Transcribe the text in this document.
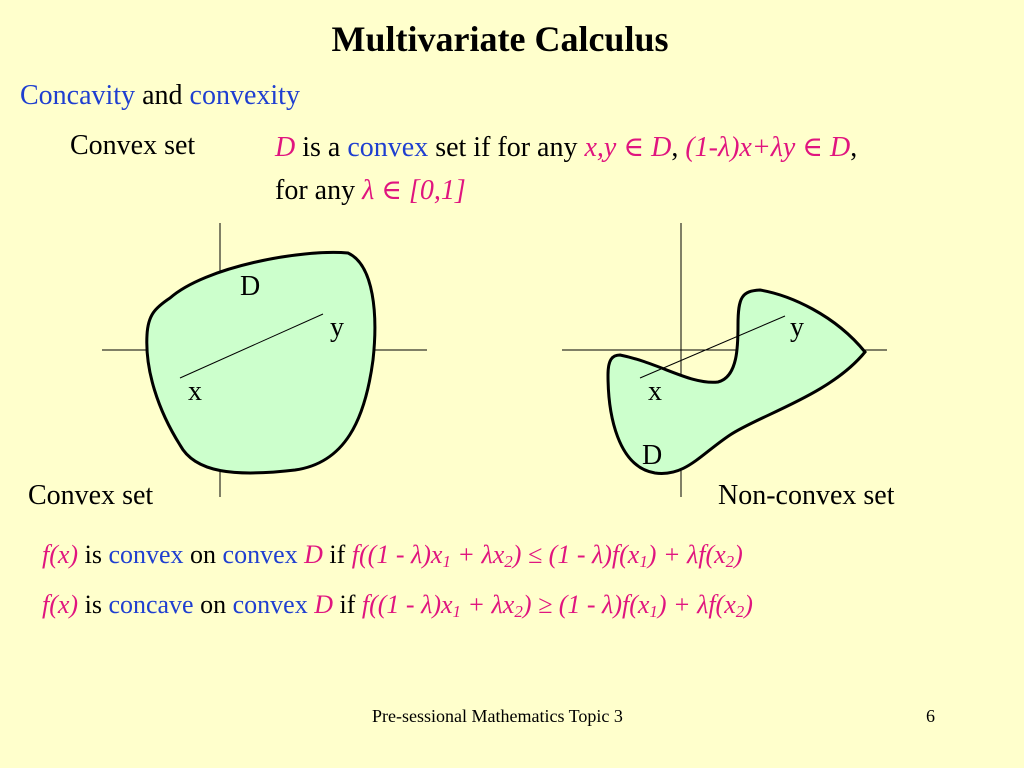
Multivariate Calculus
Concavity and convexity
Convex set	D is a convex set if for any x,y ∈ D, (1-λ)x+λy ∈ D,
for any λ ∈ [0,1]
D
y
x
y
x
D
Convex set	Non-convex set
f(x) is convex on convex D if $f((1 - \lambda)x_1 + \lambda x_2) \le (1 - \lambda)f(x_1) + \lambda f(x_2)$
f(x) is concave on convex D if $f((1 - \lambda)x_1 + \lambda x_2) \ge (1 - \lambda)f(x_1) + \lambda f(x_2)$
Pre-sessional Mathematics Topic 3	6
